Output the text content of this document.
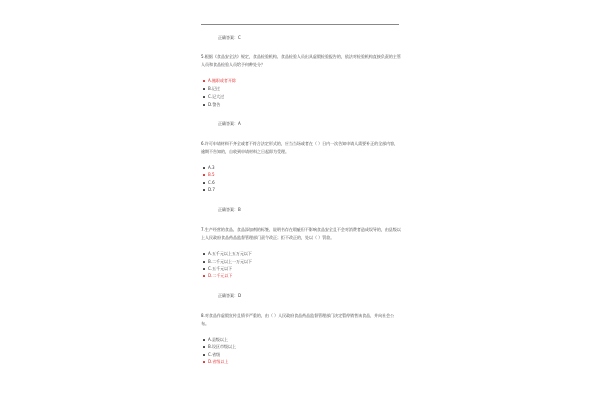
正确答案：C
5.根据《食品安全法》规定，食品检验机构、食品检验人员出具虚假检验报告的，依法对检验机构直接负责的主管人员和食品检验人员给予何种处分？
A.撤职或者开除
B.记过
C.记大过
D.警告
正确答案：A
6.许可申请材料不齐全或者不符合法定形式的，应当当场或者在（ ）日内一次告知申请人需要补正的全部内容，逾期不告知的，自收到申请材料之日起即为受理。
A.3
B.5
C.6
D.7
正确答案：B
7.生产经营的食品、食品添加剂的标签、说明书存在瑕疵但不影响食品安全且不会对消费者造成误导的，由县级以上人民政府食品药品监督管理部门责令改正；拒不改正的，处以（ ）罚款。
A.五千元以上五万元以下
B.二千元以上一万元以下
C.五千元以下
D.二千元以下
正确答案：D
8.对食品作虚假宣传且情节严重的，由（ ）人民政府食品药品监督管理部门决定暂停销售该食品，并向社会公布。
A.县级以上
B.设区市级以上
C.省级
D.省级以上
